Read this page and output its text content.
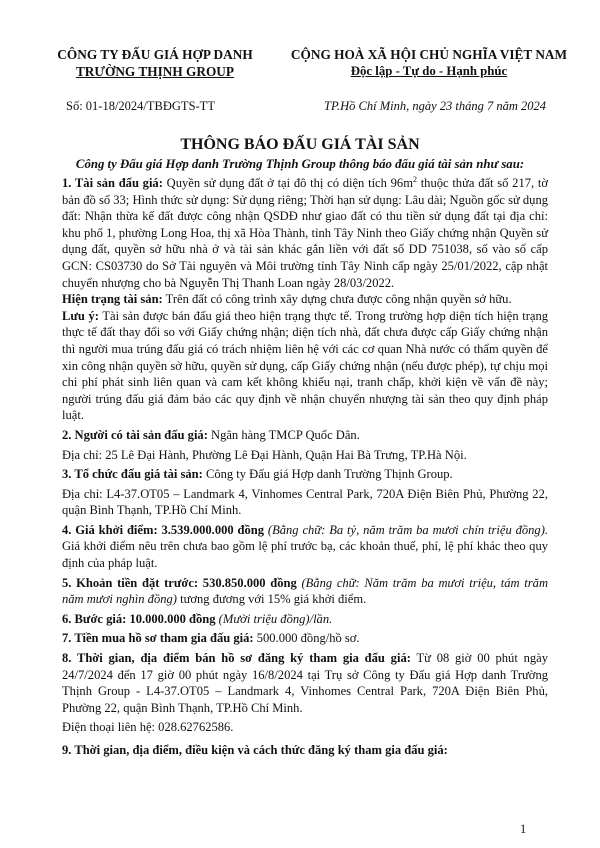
CÔNG TY ĐẤU GIÁ HỢP DANH
TRƯỜNG THỊNH GROUP
CỘNG HOÀ XÃ HỘI CHỦ NGHĨA VIỆT NAM
Độc lập - Tự do - Hạnh phúc
Số: 01-18/2024/TBĐGTS-TT	TP.Hồ Chí Minh, ngày 23 tháng 7 năm 2024
THÔNG BÁO ĐẤU GIÁ TÀI SẢN
Công ty Đấu giá Hợp danh Trường Thịnh Group thông báo đấu giá tài sản như sau:

1. Tài sản đấu giá: Quyền sử dụng đất ở tại đô thị có diện tích $96m^2$ thuộc thửa đất số 217, tờ bản đồ số 33; Hình thức sử dụng: Sử dụng riêng; Thời hạn sử dụng: Lâu dài; Nguồn gốc sử dụng đất: Nhận thừa kế đất được công nhận QSDĐ như giao đất có thu tiền sử dụng đất tại địa chỉ: khu phố 1, phường Long Hoa, thị xã Hòa Thành, tỉnh Tây Ninh theo Giấy chứng nhận Quyền sử dụng đất, quyền sở hữu nhà ở và tài sản khác gắn liền với đất số DD 751038, số vào sổ cấp GCN: CS03730 do Sở Tài nguyên và Môi trường tỉnh Tây Ninh cấp ngày 25/01/2022, cập nhật chuyển nhượng cho bà Nguyễn Thị Thanh Loan ngày 28/03/2022.

Hiện trạng tài sản: Trên đất có công trình xây dựng chưa được công nhận quyền sở hữu.

Lưu ý: Tài sản được bán đấu giá theo hiện trạng thực tế. Trong trường hợp diện tích hiện trạng thực tế đất thay đổi so với Giấy chứng nhận; diện tích nhà, đất chưa được cấp Giấy chứng nhận thì người mua trúng đấu giá có trách nhiệm liên hệ với các cơ quan Nhà nước có thẩm quyền để xin công nhận quyền sở hữu, quyền sử dụng, cấp Giấy chứng nhận (nếu được phép), tự chịu mọi chi phí phát sinh liên quan và cam kết không khiếu nại, tranh chấp, khởi kiện về vấn đề này; người trúng đấu giá đảm bảo các quy định về nhận chuyển nhượng tài sản theo quy định pháp luật.

2. Người có tài sản đấu giá: Ngân hàng TMCP Quốc Dân.

Địa chỉ: 25 Lê Đại Hành, Phường Lê Đại Hành, Quận Hai Bà Trưng, TP.Hà Nội.

3. Tổ chức đấu giá tài sản: Công ty Đấu giá Hợp danh Trường Thịnh Group.

Địa chỉ: L4-37.OT05 – Landmark 4, Vinhomes Central Park, 720A Điện Biên Phủ, Phường 22, quận Bình Thạnh, TP.Hồ Chí Minh.

4. Giá khởi điểm: 3.539.000.000 đồng (Bằng chữ: Ba tỷ, năm trăm ba mươi chín triệu đồng). Giá khởi điểm nêu trên chưa bao gồm lệ phí trước bạ, các khoản thuế, phí, lệ phí khác theo quy định của pháp luật.

5. Khoản tiền đặt trước: 530.850.000 đồng (Bằng chữ: Năm trăm ba mươi triệu, tám trăm năm mươi nghìn đồng) tương đương với 15% giá khởi điểm.

6. Bước giá: 10.000.000 đồng (Mười triệu đồng)/lần.

7. Tiền mua hồ sơ tham gia đấu giá: 500.000 đồng/hồ sơ.

8. Thời gian, địa điểm bán hồ sơ đăng ký tham gia đấu giá: Từ 08 giờ 00 phút ngày 24/7/2024 đến 17 giờ 00 phút ngày 16/8/2024 tại Trụ sở Công ty Đấu giá Hợp danh Trường Thịnh Group - L4-37.OT05 – Landmark 4, Vinhomes Central Park, 720A Điện Biên Phủ, Phường 22, quận Bình Thạnh, TP.Hồ Chí Minh.

Điện thoại liên hệ: 028.62762586.

9. Thời gian, địa điểm, điều kiện và cách thức đăng ký tham gia đấu giá:

1
